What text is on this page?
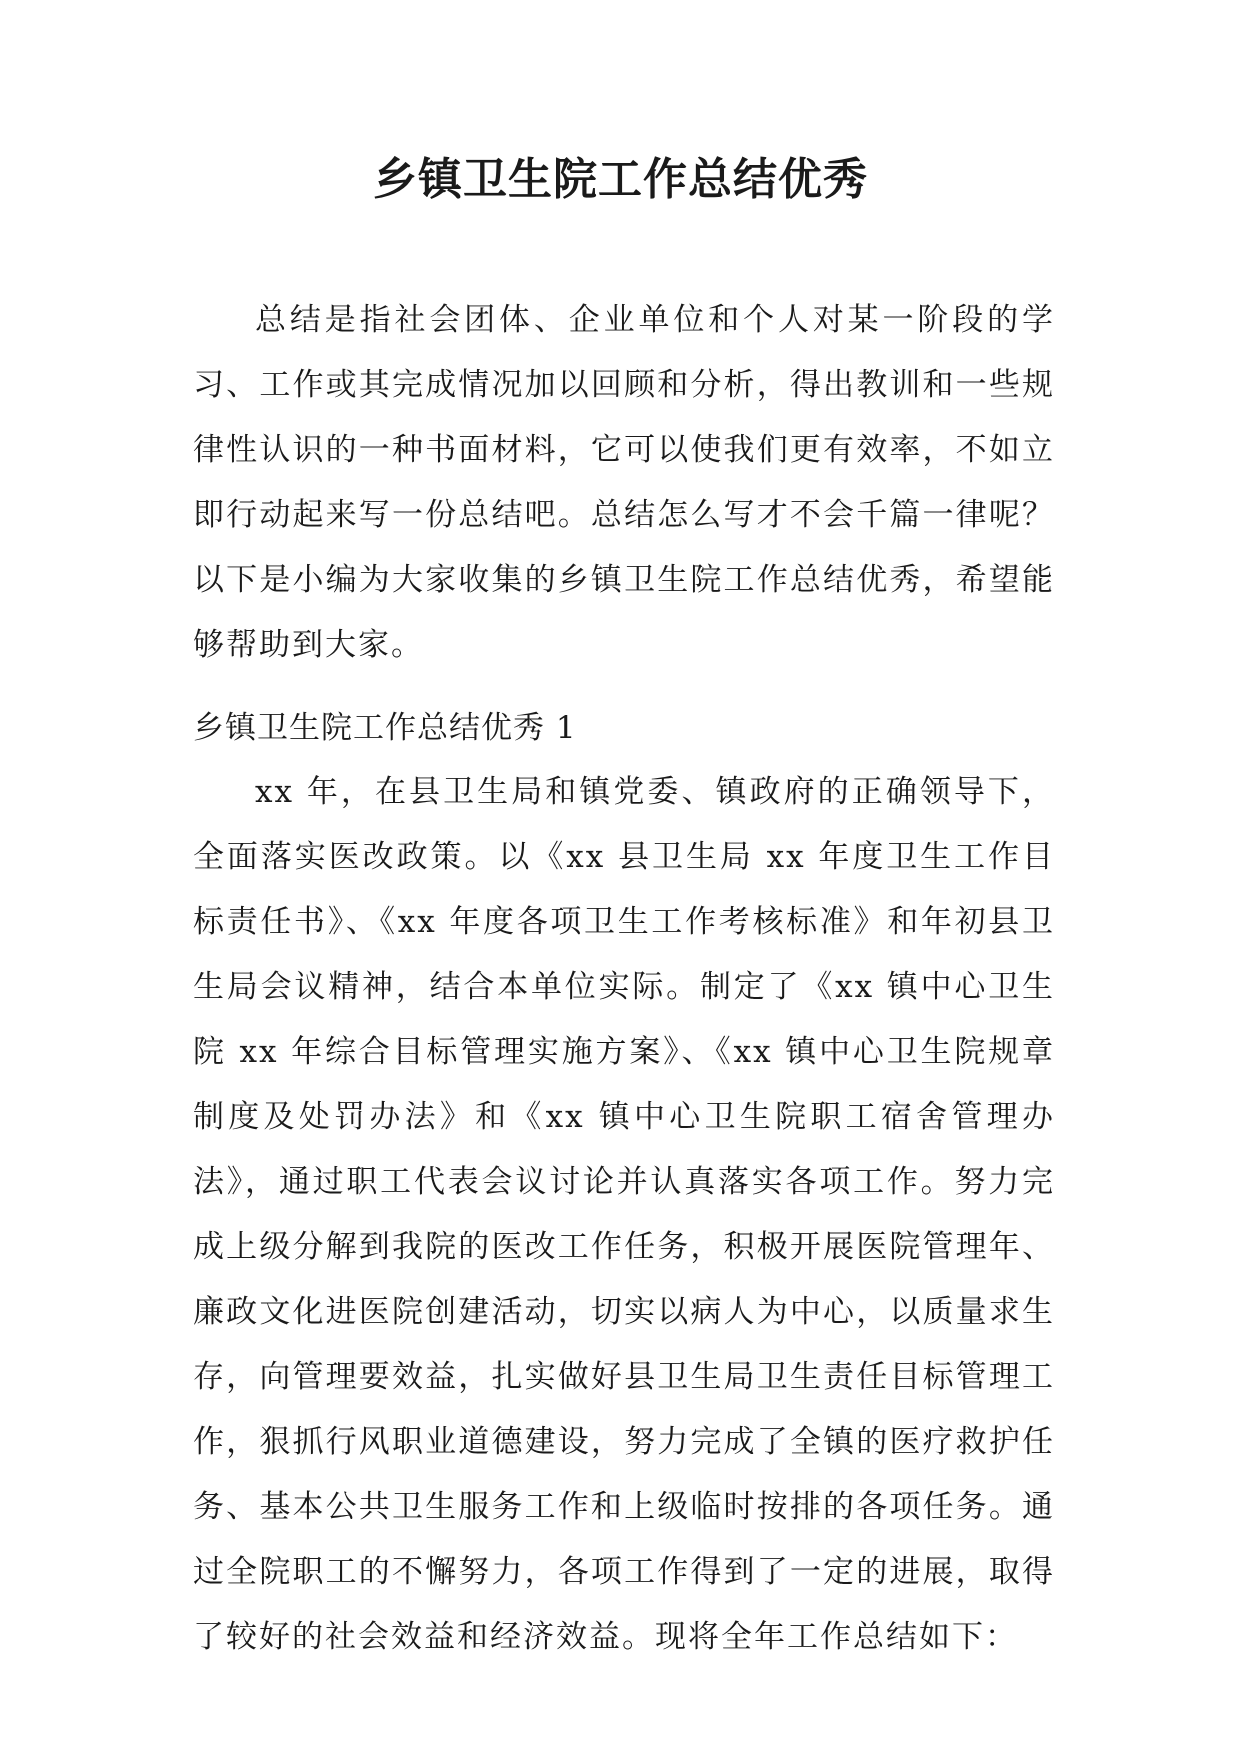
乡镇卫生院工作总结优秀

总结是指社会团体、企业单位和个人对某一阶段的学习、工作或其完成情况加以回顾和分析，得出教训和一些规律性认识的一种书面材料，它可以使我们更有效率，不如立即行动起来写一份总结吧。总结怎么写才不会千篇一律呢？以下是小编为大家收集的乡镇卫生院工作总结优秀，希望能够帮助到大家。

乡镇卫生院工作总结优秀 1

xx 年，在县卫生局和镇党委、镇政府的正确领导下，全面落实医改政策。以《xx 县卫生局 xx 年度卫生工作目标责任书》、《xx 年度各项卫生工作考核标准》和年初县卫生局会议精神，结合本单位实际。制定了《xx 镇中心卫生院 xx 年综合目标管理实施方案》、《xx 镇中心卫生院规章制度及处罚办法》和《xx 镇中心卫生院职工宿舍管理办法》，通过职工代表会议讨论并认真落实各项工作。努力完成上级分解到我院的医改工作任务，积极开展医院管理年、廉政文化进医院创建活动，切实以病人为中心，以质量求生存，向管理要效益，扎实做好县卫生局卫生责任目标管理工作，狠抓行风职业道德建设，努力完成了全镇的医疗救护任务、基本公共卫生服务工作和上级临时按排的各项任务。通过全院职工的不懈努力，各项工作得到了一定的进展，取得了较好的社会效益和经济效益。现将全年工作总结如下：
